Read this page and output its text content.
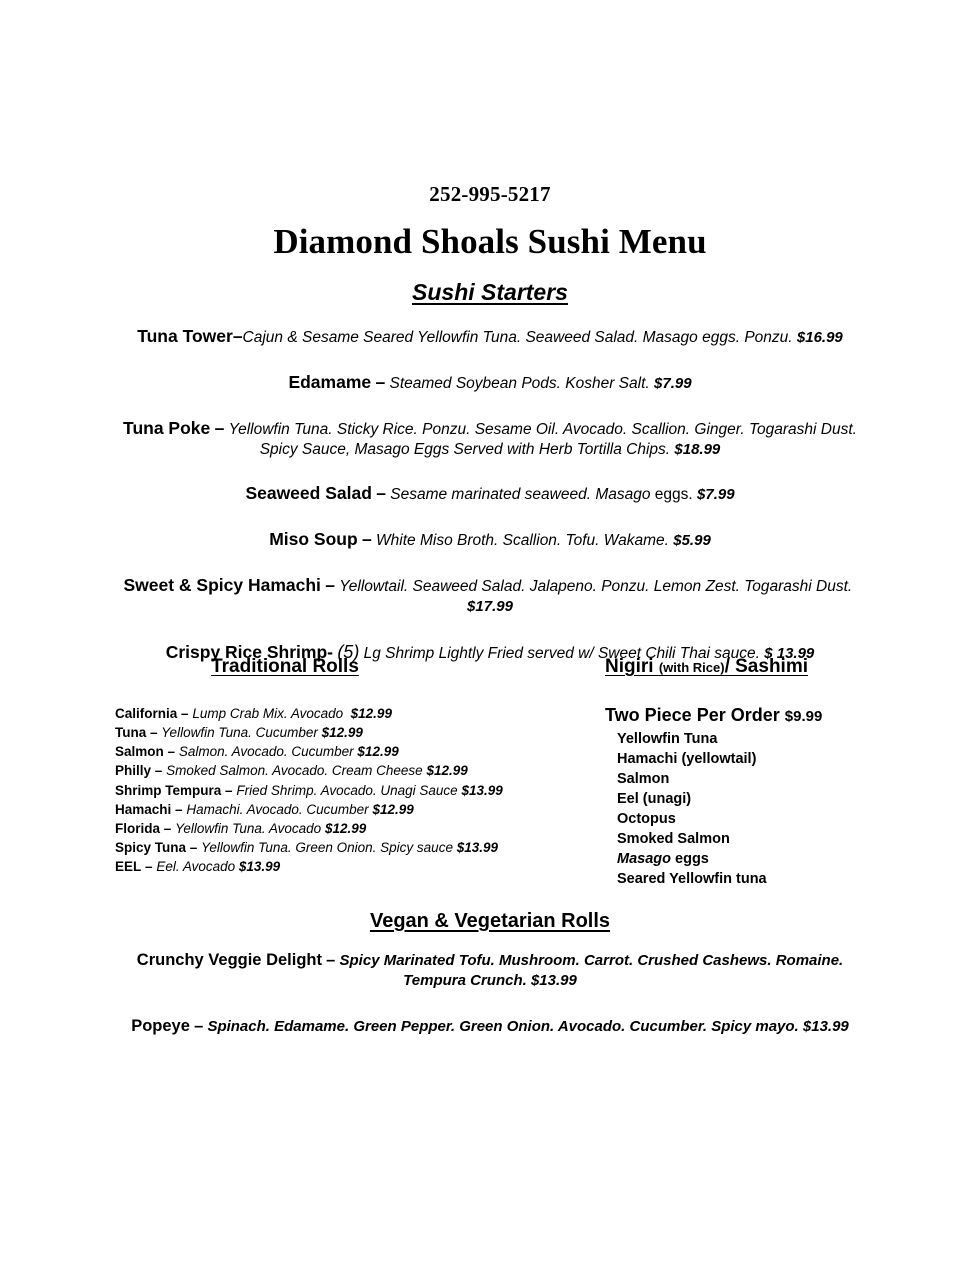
252-995-5217
Diamond Shoals Sushi Menu
Sushi Starters
Tuna Tower–Cajun & Sesame Seared Yellowfin Tuna. Seaweed Salad. Masago eggs. Ponzu. $16.99
Edamame – Steamed Soybean Pods. Kosher Salt. $7.99
Tuna Poke – Yellowfin Tuna. Sticky Rice. Ponzu. Sesame Oil. Avocado. Scallion. Ginger. Togarashi Dust. Spicy Sauce, Masago Eggs Served with Herb Tortilla Chips. $18.99
Seaweed Salad – Sesame marinated seaweed. Masago eggs. $7.99
Miso Soup – White Miso Broth. Scallion. Tofu. Wakame. $5.99
Sweet & Spicy Hamachi – Yellowtail. Seaweed Salad. Jalapeno. Ponzu. Lemon Zest. Togarashi Dust.  $17.99
Crispy Rice Shrimp- (5) Lg Shrimp Lightly Fried served w/ Sweet Chili Thai sauce. $ 13.99
Traditional Rolls
California – Lump Crab Mix. Avocado $12.99
Tuna – Yellowfin Tuna. Cucumber $12.99
Salmon – Salmon. Avocado. Cucumber $12.99
Philly – Smoked Salmon. Avocado. Cream Cheese $12.99
Shrimp Tempura – Fried Shrimp. Avocado. Unagi Sauce $13.99
Hamachi – Hamachi. Avocado. Cucumber $12.99
Florida – Yellowfin Tuna. Avocado $12.99
Spicy Tuna – Yellowfin Tuna. Green Onion. Spicy sauce $13.99
EEL – Eel. Avocado $13.99
Nigiri (with Rice)/ Sashimi
Two Piece Per Order $9.99
Yellowfin Tuna
Hamachi (yellowtail)
Salmon
Eel (unagi)
Octopus
Smoked Salmon
Masago eggs
Seared Yellowfin tuna
Vegan & Vegetarian Rolls
Crunchy Veggie Delight – Spicy Marinated Tofu. Mushroom. Carrot. Crushed Cashews. Romaine. Tempura Crunch. $13.99
Popeye – Spinach. Edamame. Green Pepper. Green Onion. Avocado. Cucumber. Spicy mayo. $13.99
